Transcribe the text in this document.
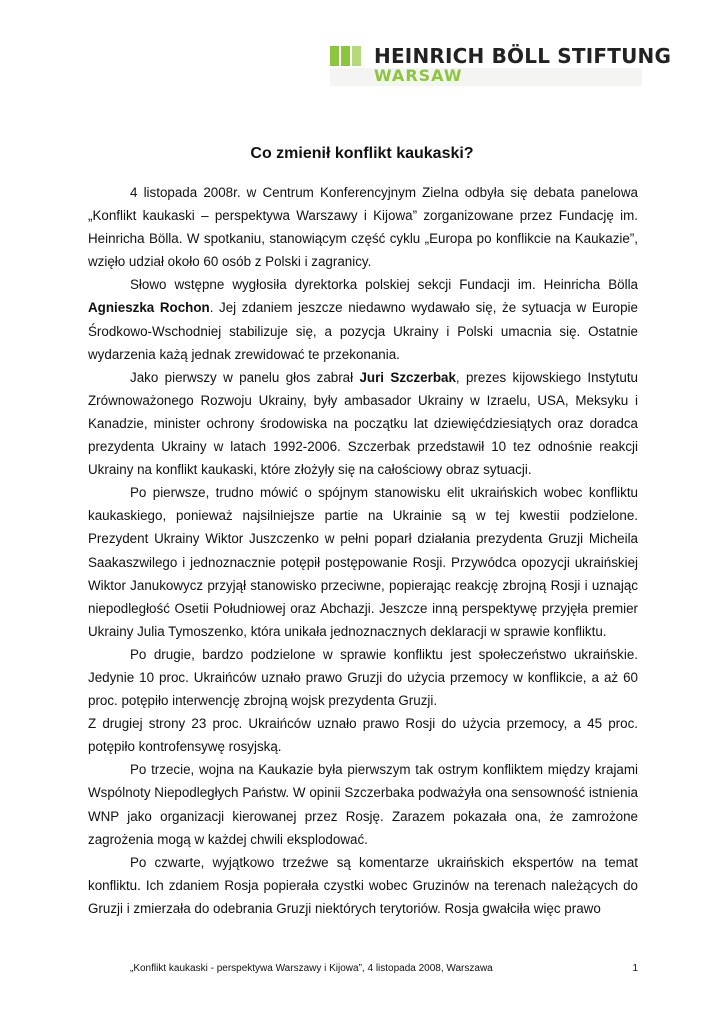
HEINRICH BÖLL STIFTUNG
WARSAW
Co zmienił konflikt kaukaski?

4 listopada 2008r. w Centrum Konferencyjnym Zielna odbyła się debata panelowa „Konflikt kaukaski – perspektywa Warszawy i Kijowa” zorganizowane przez Fundację im. Heinricha Bölla. W spotkaniu, stanowiącym część cyklu „Europa po konflikcie na Kaukazie”, wzięło udział około 60 osób z Polski i zagranicy.

Słowo wstępne wygłosiła dyrektorka polskiej sekcji Fundacji im. Heinricha Bölla Agnieszka Rochon. Jej zdaniem jeszcze niedawno wydawało się, że sytuacja w Europie Środkowo-Wschodniej stabilizuje się, a pozycja Ukrainy i Polski umacnia się. Ostatnie wydarzenia każą jednak zrewidować te przekonania.

Jako pierwszy w panelu głos zabrał Juri Szczerbak, prezes kijowskiego Instytutu Zrównoważonego Rozwoju Ukrainy, były ambasador Ukrainy w Izraelu, USA, Meksyku i Kanadzie, minister ochrony środowiska na początku lat dziewięćdziesiątych oraz doradca prezydenta Ukrainy w latach 1992-2006. Szczerbak przedstawił 10 tez odnośnie reakcji Ukrainy na konflikt kaukaski, które złożyły się na całościowy obraz sytuacji.

Po pierwsze, trudno mówić o spójnym stanowisku elit ukraińskich wobec konfliktu kaukaskiego, ponieważ najsilniejsze partie na Ukrainie są w tej kwestii podzielone. Prezydent Ukrainy Wiktor Juszczenko w pełni poparł działania prezydenta Gruzji Micheila Saakaszwilego i jednoznacznie potępił postępowanie Rosji. Przywódca opozycji ukraińskiej Wiktor Janukowycz przyjął stanowisko przeciwne, popierając reakcję zbrojną Rosji i uznając niepodległość Osetii Południowej oraz Abchazji. Jeszcze inną perspektywę przyjęła premier Ukrainy Julia Tymoszenko, która unikała jednoznacznych deklaracji w sprawie konfliktu.

Po drugie, bardzo podzielone w sprawie konfliktu jest społeczeństwo ukraińskie. Jedynie 10 proc. Ukraińców uznało prawo Gruzji do użycia przemocy w konflikcie, a aż 60 proc. potępiło interwencję zbrojną wojsk prezydenta Gruzji.

Z drugiej strony 23 proc. Ukraińców uznało prawo Rosji do użycia przemocy, a 45 proc. potępiło kontrofensywę rosyjską.

Po trzecie, wojna na Kaukazie była pierwszym tak ostrym konfliktem między krajami Wspólnoty Niepodległych Państw. W opinii Szczerbaka podważyła ona sensowność istnienia WNP jako organizacji kierowanej przez Rosję. Zarazem pokazała ona, że zamrożone zagrożenia mogą w każdej chwili eksplodować.

Po czwarte, wyjątkowo trzeźwe są komentarze ukraińskich ekspertów na temat konfliktu. Ich zdaniem Rosja popierała czystki wobec Gruzinów na terenach należących do Gruzji i zmierzała do odebrania Gruzji niektórych terytoriów. Rosja gwałciła więc prawo

„Konflikt kaukaski - perspektywa Warszawy i Kijowa”, 4 listopada 2008, Warszawa	1
